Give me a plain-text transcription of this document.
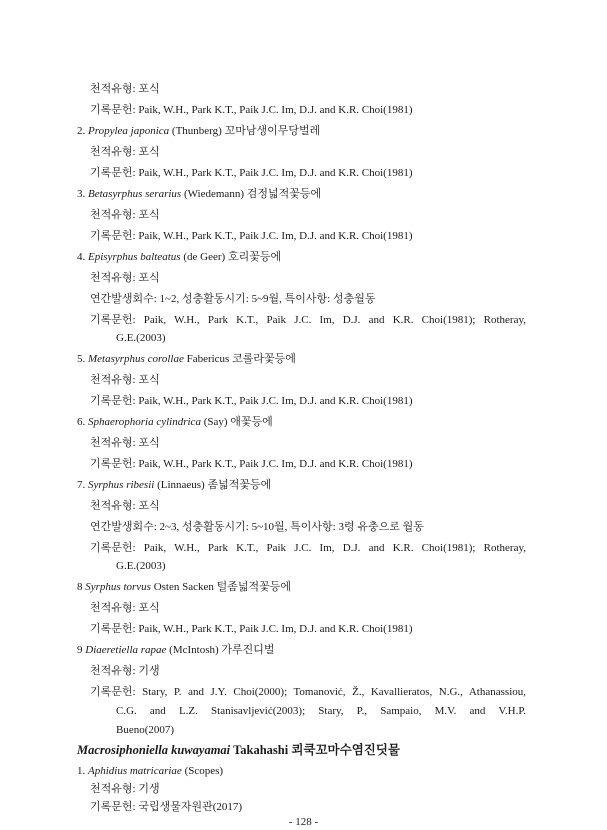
천적유형: 포식
기록문헌: Paik, W.H., Park K.T., Paik J.C. Im, D.J. and K.R. Choi(1981)
2. Propylea japonica (Thunberg) 꼬마남생이무당벌레
천적유형: 포식
기록문헌: Paik, W.H., Park K.T., Paik J.C. Im, D.J. and K.R. Choi(1981)
3. Betasyrphus serarius (Wiedemann) 검정넓적꽃등에
천적유형: 포식
기록문헌: Paik, W.H., Park K.T., Paik J.C. Im, D.J. and K.R. Choi(1981)
4. Episyrphus balteatus (de Geer) 호리꽃등에
천적유형: 포식
연간발생회수: 1~2, 성충활동시기: 5~9월, 특이사항: 성충월동
기록문헌: Paik, W.H., Park K.T., Paik J.C. Im, D.J. and K.R. Choi(1981); Rotheray,
G.E.(2003)
5. Metasyrphus corollae Fabericus 코롤라꽃등에
천적유형: 포식
기록문헌: Paik, W.H., Park K.T., Paik J.C. Im, D.J. and K.R. Choi(1981)
6. Sphaerophoria cylindrica (Say) 애꽃등에
천적유형: 포식
기록문헌: Paik, W.H., Park K.T., Paik J.C. Im, D.J. and K.R. Choi(1981)
7. Syrphus ribesii (Linnaeus) 좀넓적꽃등에
천적유형: 포식
연간발생회수: 2~3, 성충활동시기: 5~10월, 특이사항: 3령 유충으로 월동
기록문헌: Paik, W.H., Park K.T., Paik J.C. Im, D.J. and K.R. Choi(1981); Rotheray,
G.E.(2003)
8 Syrphus torvus Osten Sacken 털좀넓적꽃등에
천적유형: 포식
기록문헌: Paik, W.H., Park K.T., Paik J.C. Im, D.J. and K.R. Choi(1981)
9 Diaeretiella rapae (McIntosh) 가루진디벌
천적유형: 기생
기록문헌: Stary, P. and J.Y. Choi(2000); Tomanović, Ž., Kavallieratos, N.G., Athanassiou,
C.G. and L.Z. Stanisavljević(2003); Stary, P., Sampaio, M.V. and V.H.P.
Bueno(2007)
Macrosiphoniella kuwayamai Takahashi 쾨쿡꼬마수염진딧물
1. Aphidius matricariae (Scopes)
천적유형: 기생
기록문헌: 국립생물자원관(2017)
- 128 -
